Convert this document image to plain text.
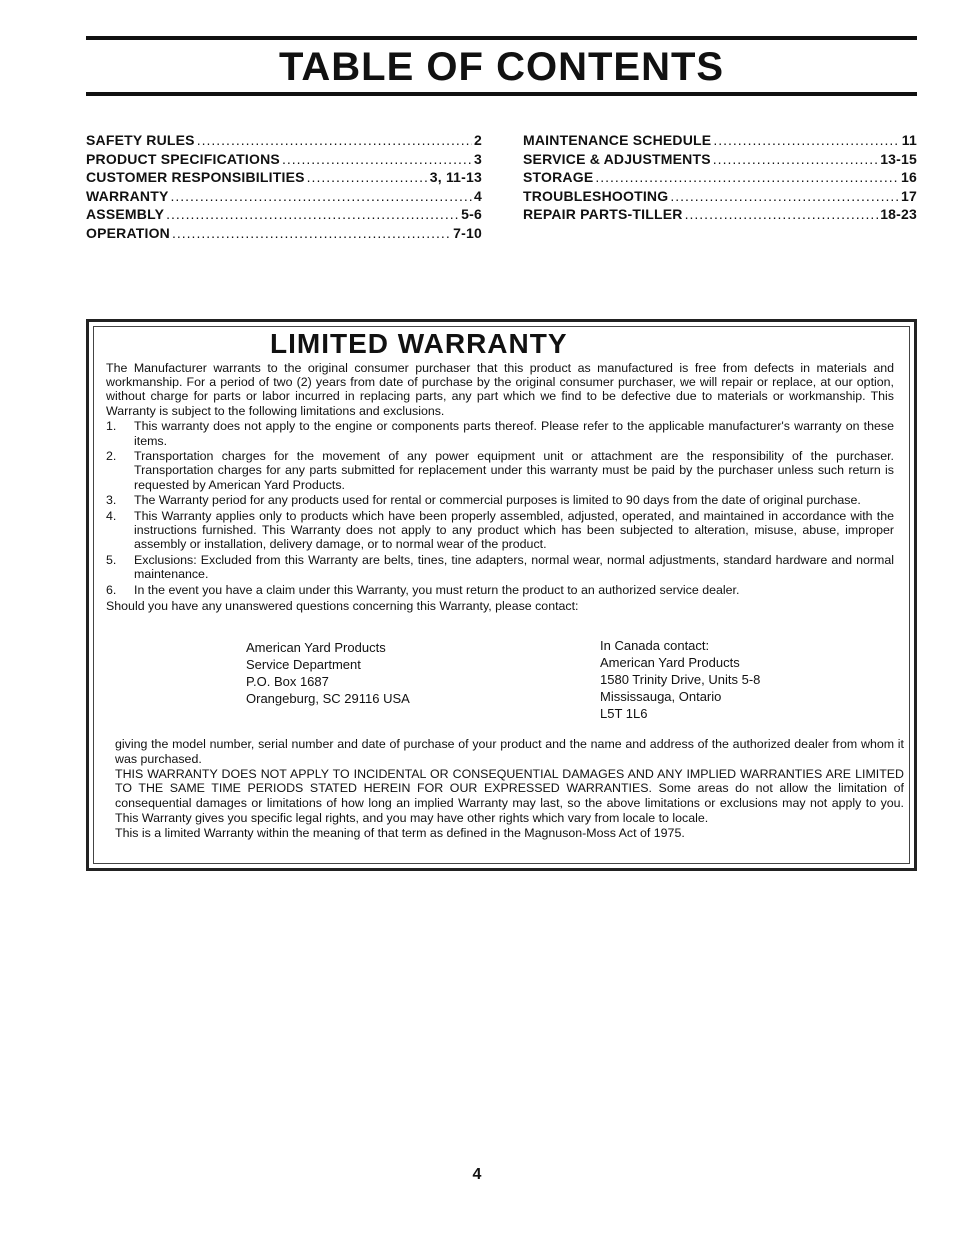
TABLE OF CONTENTS
SAFETY RULES .....	2
PRODUCT SPECIFICATIONS .....	3
CUSTOMER RESPONSIBILITIES .....	3, 11-13
WARRANTY .....	4
ASSEMBLY .....	5-6
OPERATION .....	7-10
MAINTENANCE SCHEDULE .....	11
SERVICE & ADJUSTMENTS .....	13-15
STORAGE .....	16
TROUBLESHOOTING .....	17
REPAIR PARTS-TILLER .....	18-23
LIMITED WARRANTY

The Manufacturer warrants to the original consumer purchaser that this product as manufactured is free from defects in materials and workmanship. For a period of two (2) years from date of purchase by the original consumer purchaser, we will repair or replace, at our option, without charge for parts or labor incurred in replacing parts, any part which we find to be defective due to materials or workmanship. This Warranty is subject to the following limitations and exclusions.

1.	This warranty does not apply to the engine or components parts thereof. Please refer to the applicable manufacturer's warranty on these items.
2.	Transportation charges for the movement of any power equipment unit or attachment are the responsibility of the purchaser. Transportation charges for any parts submitted for replacement under this warranty must be paid by the purchaser unless such return is requested by American Yard Products.
3.	The Warranty period for any products used for rental or commercial purposes is limited to 90 days from the date of original purchase.
4.	This Warranty applies only to products which have been properly assembled, adjusted, operated, and maintained in accordance with the instructions furnished. This Warranty does not apply to any product which has been subjected to alteration, misuse, abuse, improper assembly or installation, delivery damage, or to normal wear of the product.
5.	Exclusions: Excluded from this Warranty are belts, tines, tine adapters, normal wear, normal adjustments, standard hardware and normal maintenance.
6.	In the event you have a claim under this Warranty, you must return the product to an authorized service dealer.

Should you have any unanswered questions concerning this Warranty, please contact:

American Yard Products
Service Department
P.O. Box 1687
Orangeburg, SC 29116 USA
In Canada contact:
American Yard Products
1580 Trinity Drive, Units 5-8
Mississauga, Ontario
L5T 1L6

giving the model number, serial number and date of purchase of your product and the name and address of the authorized dealer from whom it was purchased.

THIS WARRANTY DOES NOT APPLY TO INCIDENTAL OR CONSEQUENTIAL DAMAGES AND ANY IMPLIED WARRANTIES ARE LIMITED TO THE SAME TIME PERIODS STATED HEREIN FOR OUR EXPRESSED WARRANTIES. Some areas do not allow the limitation of consequential damages or limitations of how long an implied Warranty may last, so the above limitations or exclusions may not apply to you. This Warranty gives you specific legal rights, and you may have other rights which vary from locale to locale.

This is a limited Warranty within the meaning of that term as defined in the Magnuson-Moss Act of 1975.

4
